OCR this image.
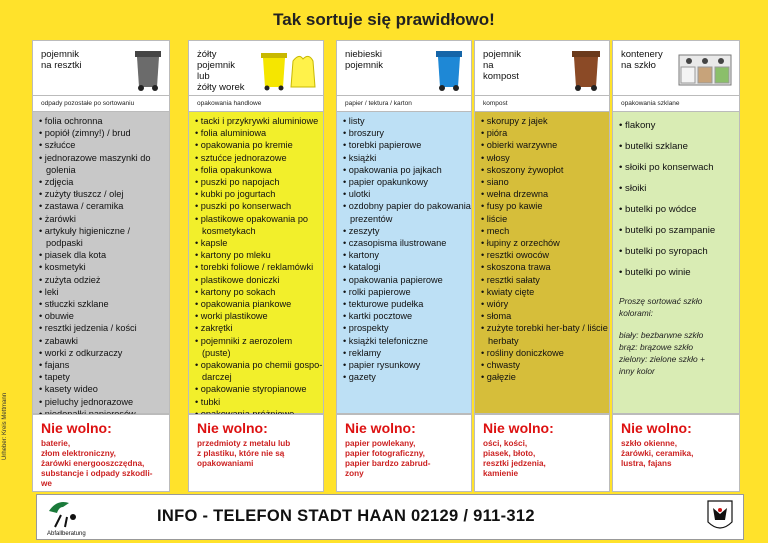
Tak sortuje się prawidłowo!
Urheber: Kreis Mettmann
pojemnik
na resztki
odpady pozostałe po sortowaniu
• folia ochronna
• popiół (zimny!) / brud
• szłućce
• jednorazowe maszynki do golenia
• zdjęcia
• zużyty tłuszcz / olej
• zastawa / ceramika
• żarówki
• artykuły higieniczne / podpaski
• piasek dla kota
• kosmetyki
• zużyta odzież
• leki
• stłuczki szklane
• obuwie
• resztki jedzenia / kości
• zabawki
• worki z odkurzaczy
• fajans
• tapety
• kasety wideo
• pieluchy jednorazowe
•
żółty
pojemnik
lub
żółty worek
opakowania handlowe
• tacki i przykrywki aluminiowe
• folia aluminiowa
• opakowania po kremie
• sztućce jednorazowe
• folia opakunkowa
• puszki po napojach
• kubki po jogurtach
• puszki po konserwach
• plastikowe opakowania po kosmetykach
• kapsle
• kartony po mleku
• torebki foliowe / reklamówki
• plastikowe doniczki
• kartony po sokach
• opakowania piankowe
• worki plastikowe
• zakrętki
• pojemniki z aerozolem (puste)
• opakowania po chemii gospo-darczej
• opakowanie styropianowe
• tubki
•
niebieski
pojemnik
papier / tektura / karton
• listy
• broszury
• torebki papierowe
• książki
• opakowania po jajkach
• papier opakunkowy
• ulotki
• ozdobny papier do pakowania prezentów
• zeszyty
• czasopisma ilustrowane
• kartony
• katalogi
• opakowania papierowe
• rolki papierowe
• tekturowe pudełka
• kartki pocztowe
• prospekty
• książki telefoniczne
• reklamy
• papier rysunkowy
• gazety
pojemnik
na
kompost
kompost
• skorupy z jajek
• pióra
• obierki warzywne
• włosy
• skoszony żywopłot
• siano
• wełna drzewna
• fusy po kawie
• liście
• mech
• łupiny z orzechów
• resztki owoców
• skoszona trawa
• resztki sałaty
• kwiaty cięte
• wióry
• słoma
• zużyte torebki her-baty / liście herbaty
• rośliny doniczkowe
• chwasty
• gałęzie
kontenery
na szkło
opakowania szklane
• flakony
• butelki szklane
• słoiki po konserwach
• słoiki
• butelki po wódce
• butelki po szampanie
• butelki po syropach
• butelki po winie
Proszę sortować szkło
kolorami:
biały: bezbarwne szkło
brąz: brązowe szkło
zielony: zielone szkło +
inny kolor
Nie wolno:
baterie,
złom elektroniczny,
żarówki energooszczędna,
substancje i odpady szkodli-
we
Nie wolno:
przedmioty z metalu lub
z plastiku, które nie są
opakowaniami
Nie wolno:
papier powlekany,
papier fotograficzny,
papier bardzo zabrud-
zony
Nie wolno:
ości, kości,
piasek, błoto,
resztki jedzenia,
kamienie
Nie wolno:
szkło okienne,
żarówki, ceramika,
lustra, fajans
Abfallberatung
INFO - TELEFON STADT HAAN 02129 / 911-312
